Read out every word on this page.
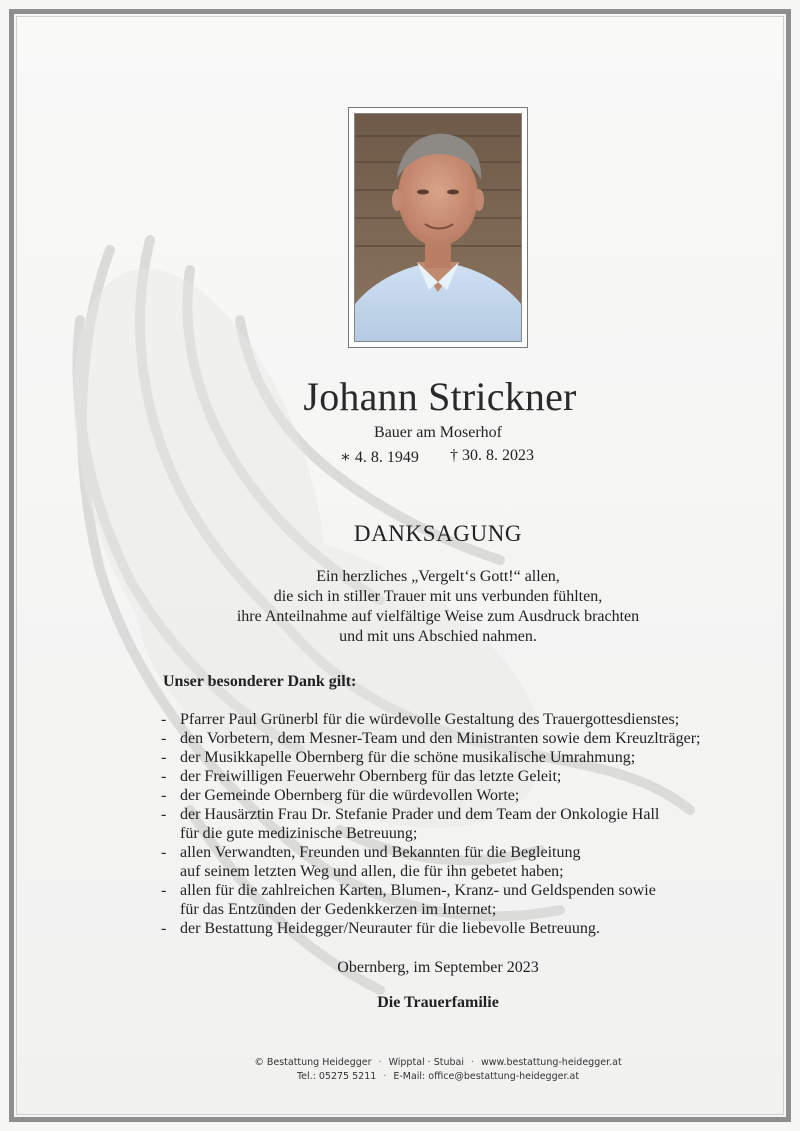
Johann Strickner
Bauer am Moserhof
∗ 4. 8. 1949 † 30. 8. 2023
DANKSAGUNG
Ein herzliches „Vergelt‘s Gott!“ allen,
die sich in stiller Trauer mit uns verbunden fühlten,
ihre Anteilnahme auf vielfältige Weise zum Ausdruck brachten
und mit uns Abschied nahmen.
Unser besonderer Dank gilt:
- Pfarrer Paul Grünerbl für die würdevolle Gestaltung des Trauergottesdienstes;
- den Vorbetern, dem Mesner-Team und den Ministranten sowie dem Kreuzlträger;
- der Musikkapelle Obernberg für die schöne musikalische Umrahmung;
- der Freiwilligen Feuerwehr Obernberg für das letzte Geleit;
- der Gemeinde Obernberg für die würdevollen Worte;
- der Hausärztin Frau Dr. Stefanie Prader und dem Team der Onkologie Hall
für die gute medizinische Betreuung;
- allen Verwandten, Freunden und Bekannten für die Begleitung
auf seinem letzten Weg und allen, die für ihn gebetet haben;
- allen für die zahlreichen Karten, Blumen-, Kranz- und Geldspenden sowie
für das Entzünden der Gedenkkerzen im Internet;
- der Bestattung Heidegger/Neurauter für die liebevolle Betreuung.
Obernberg, im September 2023
Die Trauerfamilie
© Bestattung Heidegger · Wipptal · Stubai · www.bestattung-heidegger.at
Tel.: 05275 5211 · E-Mail: office@bestattung-heidegger.at
